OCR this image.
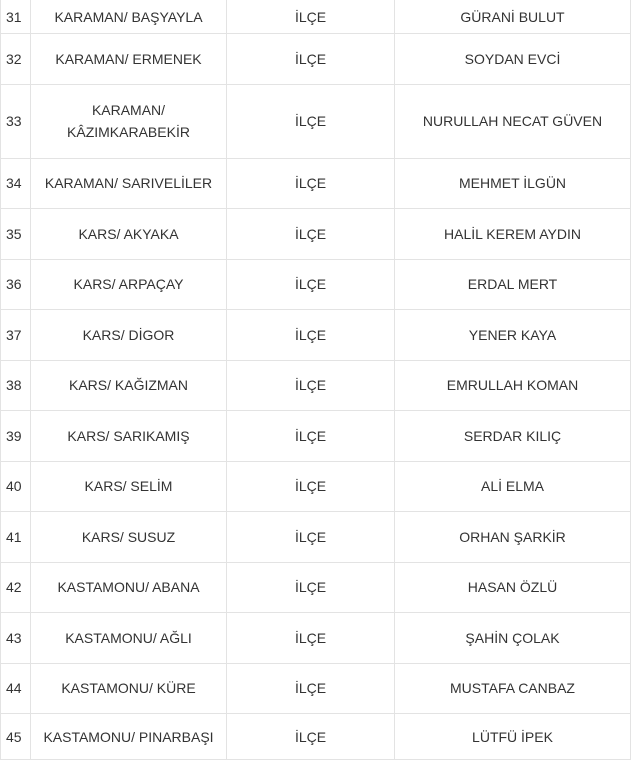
31	KARAMAN/ BAŞYAYLA	İLÇE	GÜRANİ BULUT
32	KARAMAN/ ERMENEK	İLÇE	SOYDAN EVCİ
33	KARAMAN/ KÂZIMKARABEKİR	İLÇE	NURULLAH NECAT GÜVEN
34	KARAMAN/ SARIVELİLER	İLÇE	MEHMET İLGÜN
35	KARS/ AKYAKA	İLÇE	HALİL KEREM AYDIN
36	KARS/ ARPAÇAY	İLÇE	ERDAL MERT
37	KARS/ DİGOR	İLÇE	YENER KAYA
38	KARS/ KAĞIZMAN	İLÇE	EMRULLAH KOMAN
39	KARS/ SARIKAMIŞ	İLÇE	SERDAR KILIÇ
40	KARS/ SELİM	İLÇE	ALİ ELMA
41	KARS/ SUSUZ	İLÇE	ORHAN ŞARKİR
42	KASTAMONU/ ABANA	İLÇE	HASAN ÖZLÜ
43	KASTAMONU/ AĞLI	İLÇE	ŞAHİN ÇOLAK
44	KASTAMONU/ KÜRE	İLÇE	MUSTAFA CANBAZ
45	KASTAMONU/ PINARBAŞI	İLÇE	LÜTFÜ İPEK
